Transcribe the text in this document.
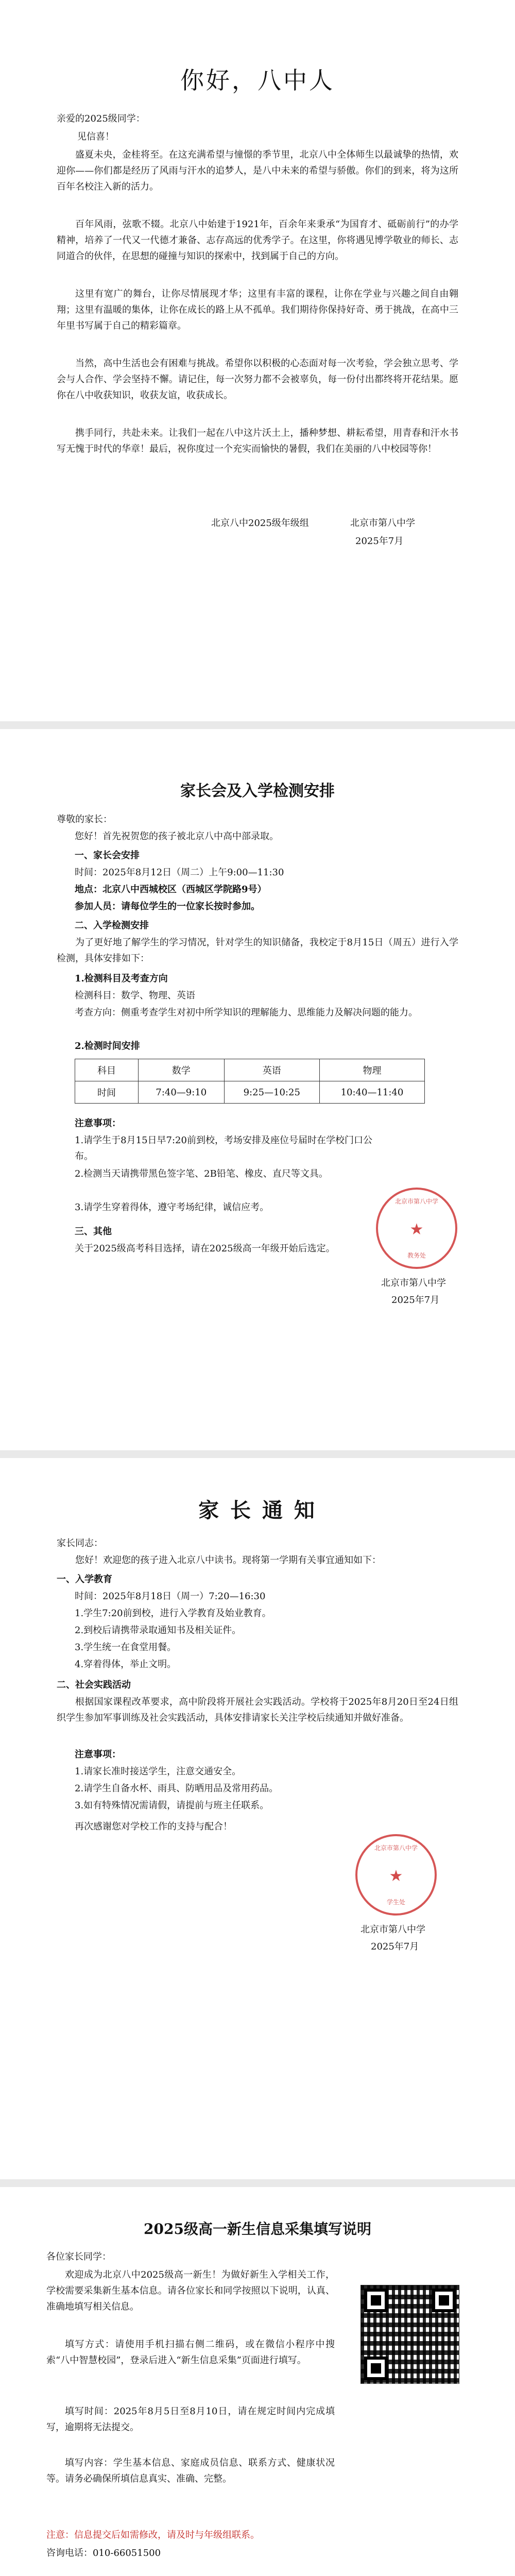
你好，八中人
亲爱的2025级同学：
见信喜！
盛夏未央，金桂将至。在这充满希望与憧憬的季节里，北京八中全体师生以最诚挚的热情，欢迎你——你们都是经历了风雨与汗水的追梦人，是八中未来的希望与骄傲。你们的到来，将为这所百年名校注入新的活力。
百年风雨，弦歌不辍。北京八中始建于1921年，百余年来秉承“为国育才、砥砺前行”的办学精神，培养了一代又一代德才兼备、志存高远的优秀学子。在这里，你将遇见博学敬业的师长、志同道合的伙伴，在思想的碰撞与知识的探索中，找到属于自己的方向。
这里有宽广的舞台，让你尽情展现才华；这里有丰富的课程，让你在学业与兴趣之间自由翱翔；这里有温暖的集体，让你在成长的路上从不孤单。我们期待你保持好奇、勇于挑战，在高中三年里书写属于自己的精彩篇章。
当然，高中生活也会有困难与挑战。希望你以积极的心态面对每一次考验，学会独立思考、学会与人合作、学会坚持不懈。请记住，每一次努力都不会被辜负，每一份付出都终将开花结果。愿你在八中收获知识，收获友谊，收获成长。
携手同行，共赴未来。让我们一起在八中这片沃土上，播种梦想、耕耘希望，用青春和汗水书写无愧于时代的华章！最后，祝你度过一个充实而愉快的暑假，我们在美丽的八中校园等你！
北京八中2025级年级组	北京市第八中学
2025年7月
家长会及入学检测安排
尊敬的家长：
您好！首先祝贺您的孩子被北京八中高中部录取。
一、家长会安排
时间：2025年8月12日（周二）上午9:00—11:30
地点：北京八中西城校区（西城区学院路9号）
参加人员：请每位学生的一位家长按时参加。
二、入学检测安排
为了更好地了解学生的学习情况，针对学生的知识储备，我校定于8月15日（周五）进行入学检测，具体安排如下：
1.检测科目及考查方向
检测科目：数学、物理、英语
考查方向：侧重考查学生对初中所学知识的理解能力、思维能力及解决问题的能力。
2.检测时间安排
科目	数学	英语	物理
时间	7:40—9:10	9:25—10:25	10:40—11:40
注意事项：
1.请学生于8月15日早7:20前到校，考场安排及座位号届时在学校门口公布。
2.检测当天请携带黑色签字笔、2B铅笔、橡皮、直尺等文具。
3.请学生穿着得体，遵守考场纪律，诚信应考。
三、其他
关于2025级高考科目选择，请在2025级高一年级开始后选定。
北京市第八中学
★
教务处
北京市第八中学
2025年7月
家 长 通 知
家长同志：
您好！欢迎您的孩子进入北京八中读书。现将第一学期有关事宜通知如下：
一、入学教育
时间：2025年8月18日（周一）7:20—16:30
1.学生7:20前到校，进行入学教育及始业教育。
2.到校后请携带录取通知书及相关证件。
3.学生统一在食堂用餐。
4.穿着得体，举止文明。
二、社会实践活动
根据国家课程改革要求，高中阶段将开展社会实践活动。学校将于2025年8月20日至24日组织学生参加军事训练及社会实践活动，具体安排请家长关注学校后续通知并做好准备。
注意事项：
1.请家长准时接送学生，注意交通安全。
2.请学生自备水杯、雨具、防晒用品及常用药品。
3.如有特殊情况需请假，请提前与班主任联系。
再次感谢您对学校工作的支持与配合！
北京市第八中学
★
学生处
北京市第八中学
2025年7月
2025级高一新生信息采集填写说明
各位家长同学：
欢迎成为北京八中2025级高一新生！为做好新生入学相关工作，学校需要采集新生基本信息。请各位家长和同学按照以下说明，认真、准确地填写相关信息。
填写方式：请使用手机扫描右侧二维码，或在微信小程序中搜索“八中智慧校园”，登录后进入“新生信息采集”页面进行填写。
填写时间：2025年8月5日至8月10日，请在规定时间内完成填写，逾期将无法提交。
填写内容：学生基本信息、家庭成员信息、联系方式、健康状况等。请务必确保所填信息真实、准确、完整。
注意：信息提交后如需修改，请及时与年级组联系。
咨询电话：010-66051500
